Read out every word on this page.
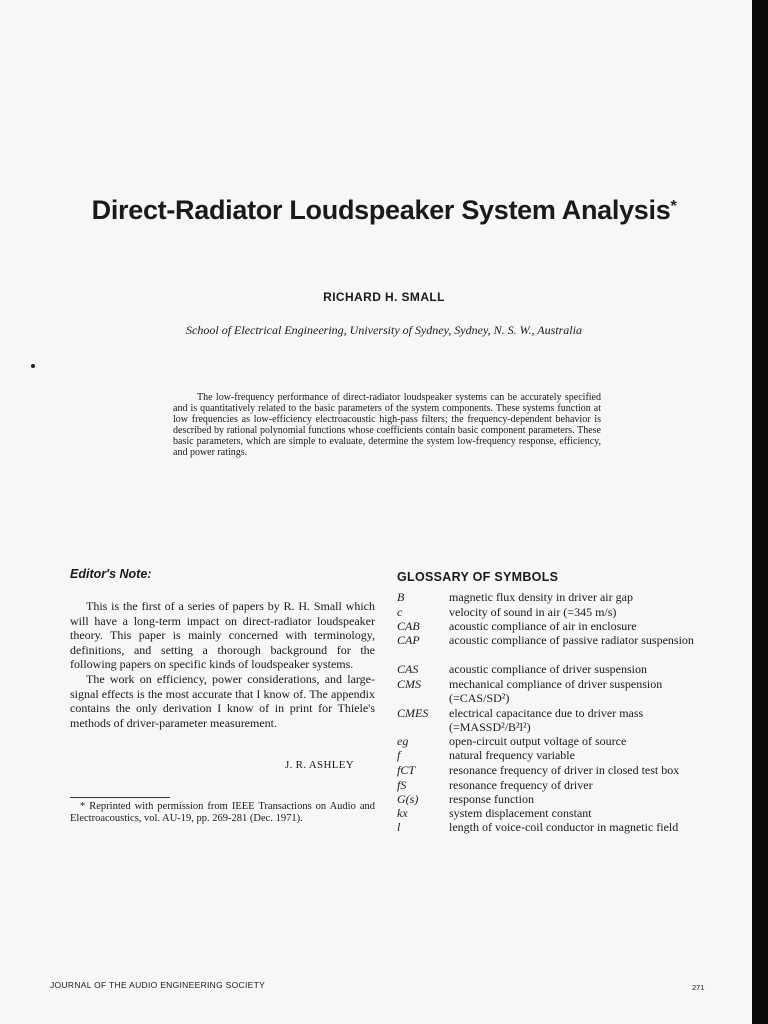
Direct-Radiator Loudspeaker System Analysis*
RICHARD H. SMALL
School of Electrical Engineering, University of Sydney, Sydney, N. S. W., Australia

The low-frequency performance of direct-radiator loudspeaker systems can be accurately specified and is quantitatively related to the basic parameters of the system components. These systems function at low frequencies as low-efficiency electroacoustic high-pass filters; the frequency-dependent behavior is described by rational polynomial functions whose coefficients contain basic component parameters. These basic parameters, which are simple to evaluate, determine the system low-frequency response, efficiency, and power ratings.

Editor's Note:

This is the first of a series of papers by R. H. Small which will have a long-term impact on direct-radiator loudspeaker theory. This paper is mainly concerned with terminology, definitions, and setting a thorough background for the following papers on specific kinds of loudspeaker systems.

The work on efficiency, power considerations, and large-signal effects is the most accurate that I know of. The appendix contains the only derivation I know of in print for Thiele's methods of driver-parameter measurement.

J. R. ASHLEY

* Reprinted with permission from IEEE Transactions on Audio and Electroacoustics, vol. AU-19, pp. 269-281 (Dec. 1971).

GLOSSARY OF SYMBOLS
B	magnetic flux density in driver air gap
c	velocity of sound in air (=345 m/s)
CAB	acoustic compliance of air in enclosure
CAP	acoustic compliance of passive radiator suspension
CAS	acoustic compliance of driver suspension
CMS	mechanical compliance of driver suspension (=CAS/SD²)
CMES	electrical capacitance due to driver mass (=MASSD²/B²l²)
eg	open-circuit output voltage of source
f	natural frequency variable
fCT	resonance frequency of driver in closed test box
fS	resonance frequency of driver
G(s)	response function
kx	system displacement constant
l	length of voice-coil conductor in magnetic field
JOURNAL OF THE AUDIO ENGINEERING SOCIETY	271
